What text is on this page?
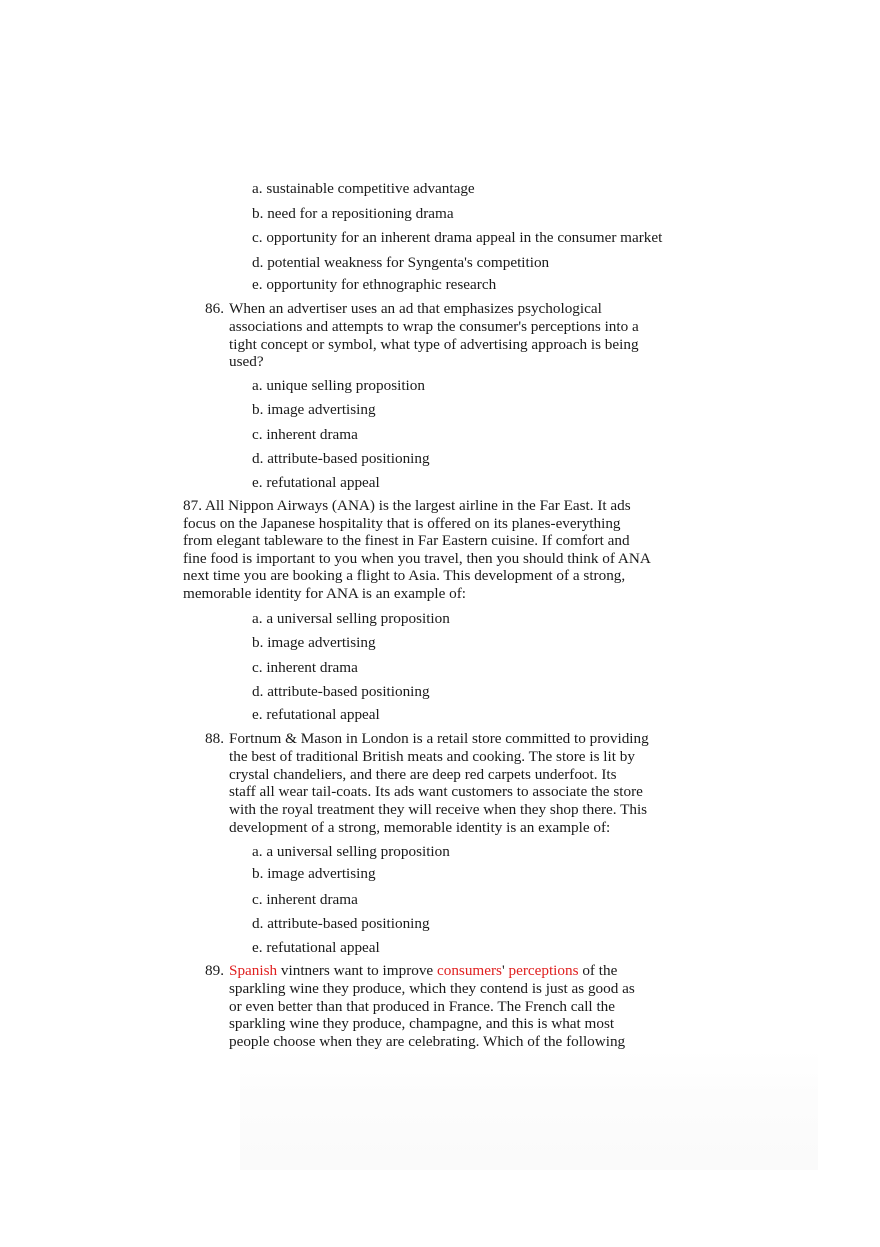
a. sustainable competitive advantage
b. need for a repositioning drama
c. opportunity for an inherent drama appeal in the consumer market
d. potential weakness for Syngenta's competition
e. opportunity for ethnographic research
86. When an advertiser uses an ad that emphasizes psychological
associations and attempts to wrap the consumer's perceptions into a
tight concept or symbol, what type of advertising approach is being
used?
a. unique selling proposition
b. image advertising
c. inherent drama
d. attribute-based positioning
e. refutational appeal
87. All Nippon Airways (ANA) is the largest airline in the Far East. It ads
focus on the Japanese hospitality that is offered on its planes-everything
from elegant tableware to the finest in Far Eastern cuisine. If comfort and
fine food is important to you when you travel, then you should think of ANA
next time you are booking a flight to Asia. This development of a strong,
memorable identity for ANA is an example of:
a. a universal selling proposition
b. image advertising
c. inherent drama
d. attribute-based positioning
e. refutational appeal
88. Fortnum & Mason in London is a retail store committed to providing
the best of traditional British meats and cooking. The store is lit by
crystal chandeliers, and there are deep red carpets underfoot. Its
staff all wear tail-coats. Its ads want customers to associate the store
with the royal treatment they will receive when they shop there. This
development of a strong, memorable identity is an example of:
a. a universal selling proposition
b. image advertising
c. inherent drama
d. attribute-based positioning
e. refutational appeal
89. Spanish vintners want to improve consumers' perceptions of the
sparkling wine they produce, which they contend is just as good as
or even better than that produced in France. The French call the
sparkling wine they produce, champagne, and this is what most
people choose when they are celebrating. Which of the following
